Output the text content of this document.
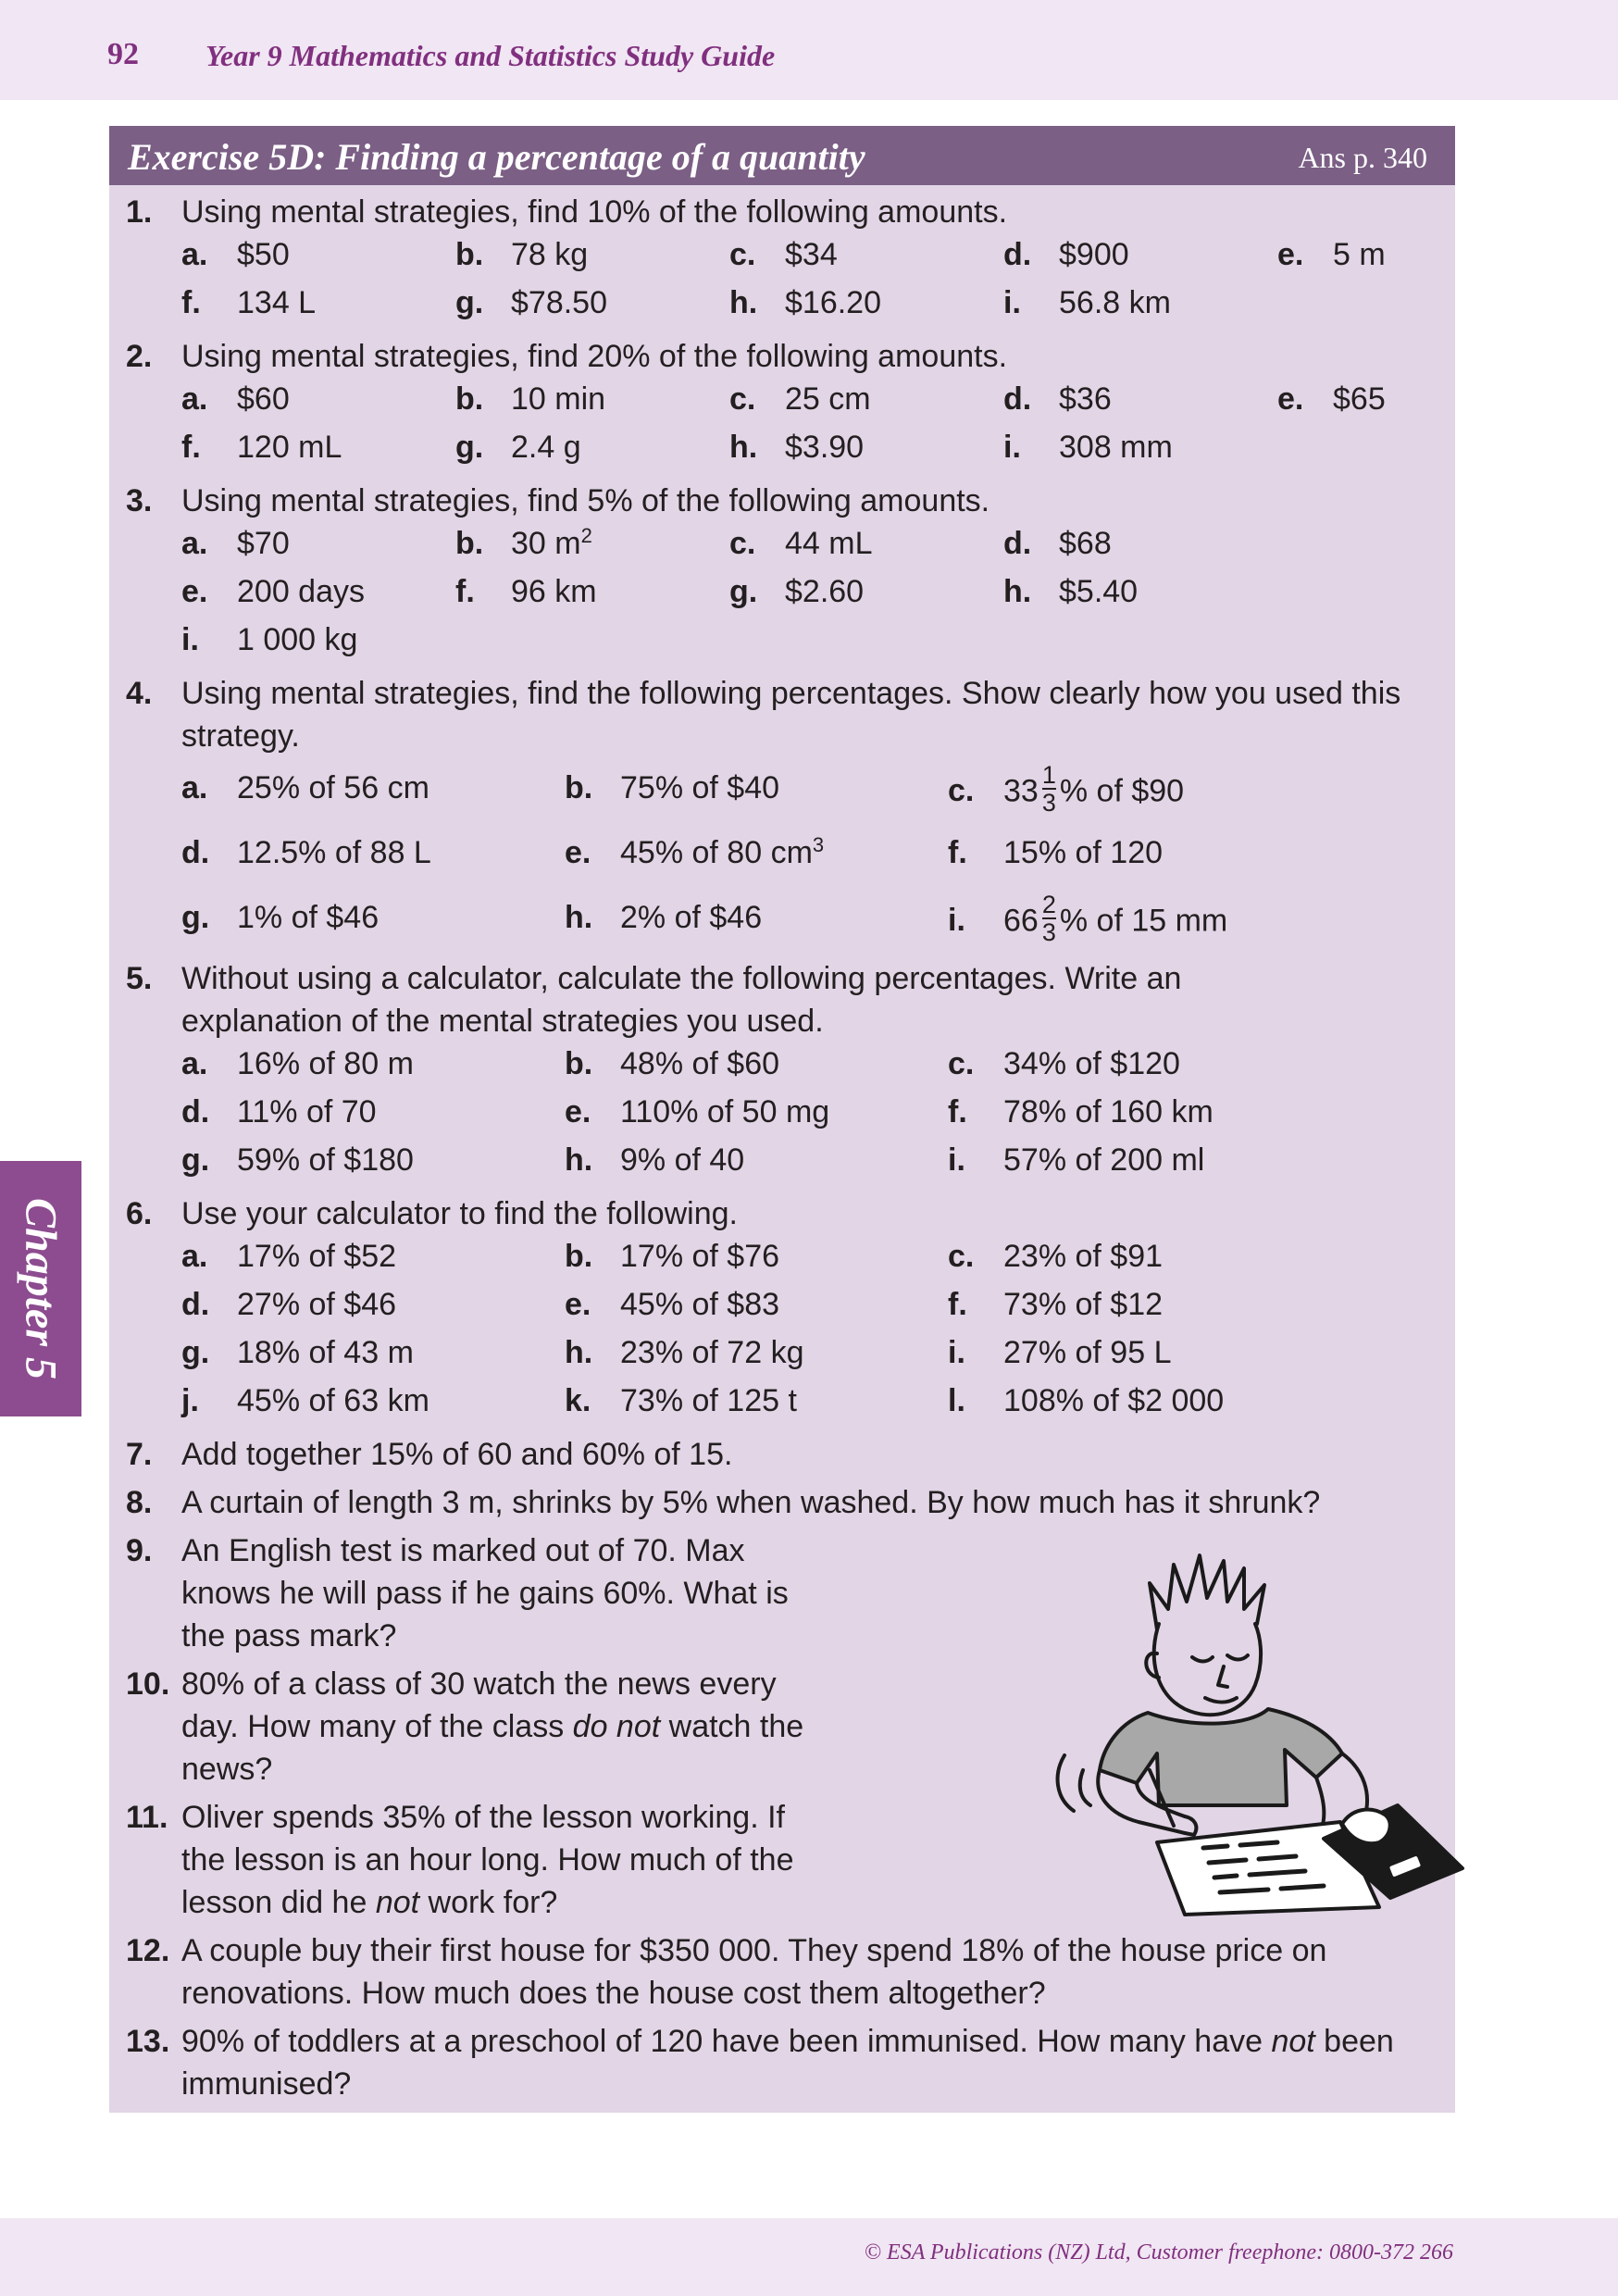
92 Year 9 Mathematics and Statistics Study Guide
Chapter 5
Exercise 5D: Finding a percentage of a quantity	Ans p. 340
1. Using mental strategies, find 10% of the following amounts.
a. $50	b. 78 kg	c. $34	d. $900	e. 5 m
f. 134 L	g. $78.50	h. $16.20	i. 56.8 km
2. Using mental strategies, find 20% of the following amounts.
a. $60	b. 10 min	c. 25 cm	d. $36	e. $65
f. 120 mL	g. 2.4 g	h. $3.90	i. 308 mm
3. Using mental strategies, find 5% of the following amounts.
a. $70	b. 30 $m^2$	c. 44 mL	d. $68
e. 200 days	f. 96 km	g. $2.60	h. $5.40
i. 1 000 kg
4. Using mental strategies, find the following percentages. Show clearly how you used this strategy.
a. 25% of 56 cm	b. 75% of $40	c. $33 \frac{1}{3}$ % of $90
d. 12.5% of 88 L	e. 45% of 80 $cm^3$	f. 15% of 120
g. 1% of $46	h. 2% of $46	i. $66 \frac{2}{3}$ % of 15 mm
5. Without using a calculator, calculate the following percentages. Write an explanation of the mental strategies you used.
a. 16% of 80 m	b. 48% of $60	c. 34% of $120
d. 11% of 70	e. 110% of 50 mg	f. 78% of 160 km
g. 59% of $180	h. 9% of 40	i. 57% of 200 ml
6. Use your calculator to find the following.
a. 17% of $52	b. 17% of $76	c. 23% of $91
d. 27% of $46	e. 45% of $83	f. 73% of $12
g. 18% of 43 m	h. 23% of 72 kg	i. 27% of 95 L
j. 45% of 63 km	k. 73% of 125 t	l. 108% of $2 000
7. Add together 15% of 60 and 60% of 15.
8. A curtain of length 3 m, shrinks by 5% when washed. By how much has it shrunk?
9. An English test is marked out of 70. Max knows he will pass if he gains 60%. What is the pass mark?
10. 80% of a class of 30 watch the news every day. How many of the class do not watch the news?
11. Oliver spends 35% of the lesson working. If the lesson is an hour long. How much of the lesson did he not work for?
12. A couple buy their first house for $350 000. They spend 18% of the house price on renovations. How much does the house cost them altogether?
13. 90% of toddlers at a preschool of 120 have been immunised. How many have not been immunised?
© ESA Publications (NZ) Ltd, Customer freephone: 0800-372 266
